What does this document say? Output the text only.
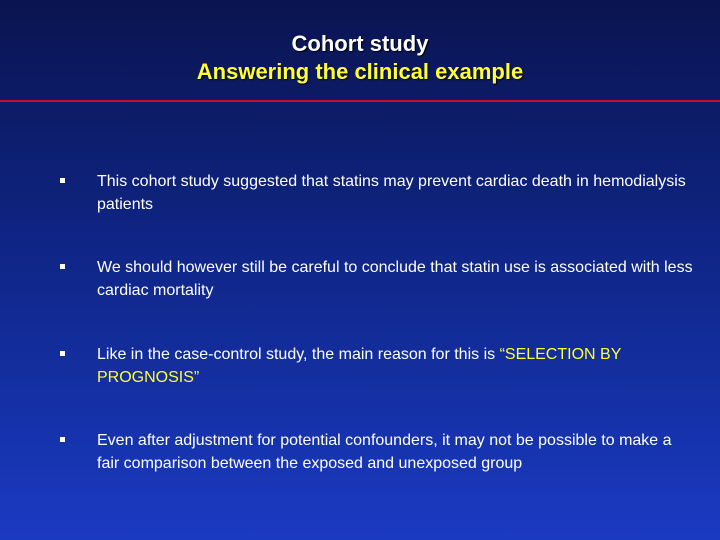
Cohort study
Answering the clinical example
This cohort study suggested that statins may prevent cardiac death in hemodialysis patients
We should however still be careful to conclude that statin use is associated with less cardiac mortality
Like in the case-control study, the main reason for this is “SELECTION BY PROGNOSIS”
Even after adjustment for potential confounders, it may not be possible to make a fair comparison between the exposed and unexposed group
